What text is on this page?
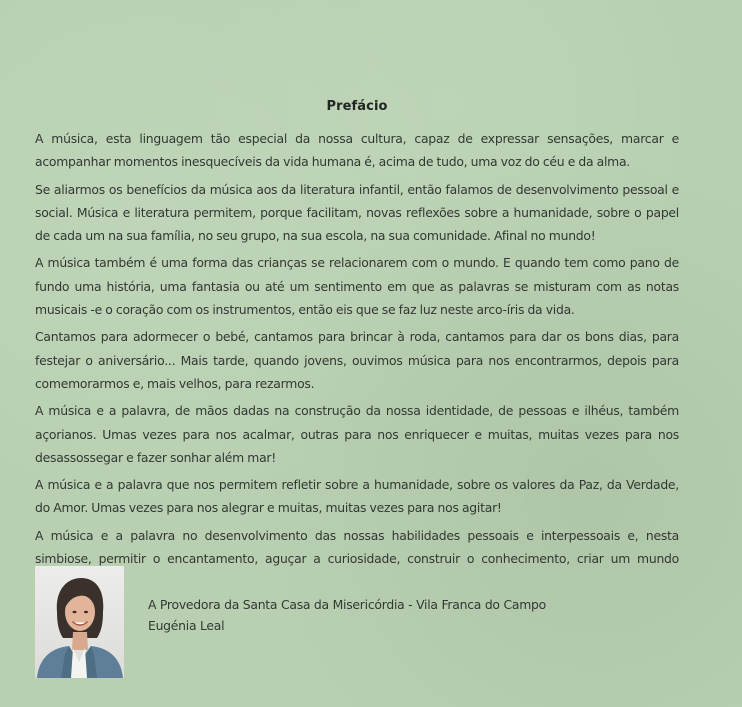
Prefácio

A música, esta linguagem tão especial da nossa cultura, capaz de expressar sensações, marcar e acompanhar momentos inesquecíveis da vida humana é, acima de tudo, uma voz do céu e da alma.

Se aliarmos os benefícios da música aos da literatura infantil, então falamos de desenvolvimento pessoal e social. Música e literatura permitem, porque facilitam, novas reflexões sobre a humanidade, sobre o papel de cada um na sua família, no seu grupo, na sua escola, na sua comunidade. Afinal no mundo!

A música também é uma forma das crianças se relacionarem com o mundo. E quando tem como pano de fundo uma história, uma fantasia ou até um sentimento em que as palavras se misturam com as notas musicais -e o coração com os instrumentos, então eis que se faz luz neste arco-íris da vida.

Cantamos para adormecer o bebé, cantamos para brincar à roda, cantamos para dar os bons dias, para festejar o aniversário... Mais tarde, quando jovens, ouvimos música para nos encontrarmos, depois para comemorarmos e, mais velhos, para rezarmos.

A música e a palavra, de mãos dadas na construção da nossa identidade, de pessoas e ilhéus, também açorianos. Umas vezes para nos acalmar, outras para nos enriquecer e muitas, muitas vezes para nos desassossegar e fazer sonhar além mar!

A música e a palavra que nos permitem refletir sobre a humanidade, sobre os valores da Paz, da Verdade, do Amor. Umas vezes para nos alegrar e muitas, muitas vezes para nos agitar!

A música e a palavra no desenvolvimento das nossas habilidades pessoais e interpessoais e, nesta simbiose, permitir o encantamento, aguçar a curiosidade, construir o conhecimento, criar um mundo

A Provedora da Santa Casa da Misericórdia - Vila Franca do Campo
Eugénia Leal
